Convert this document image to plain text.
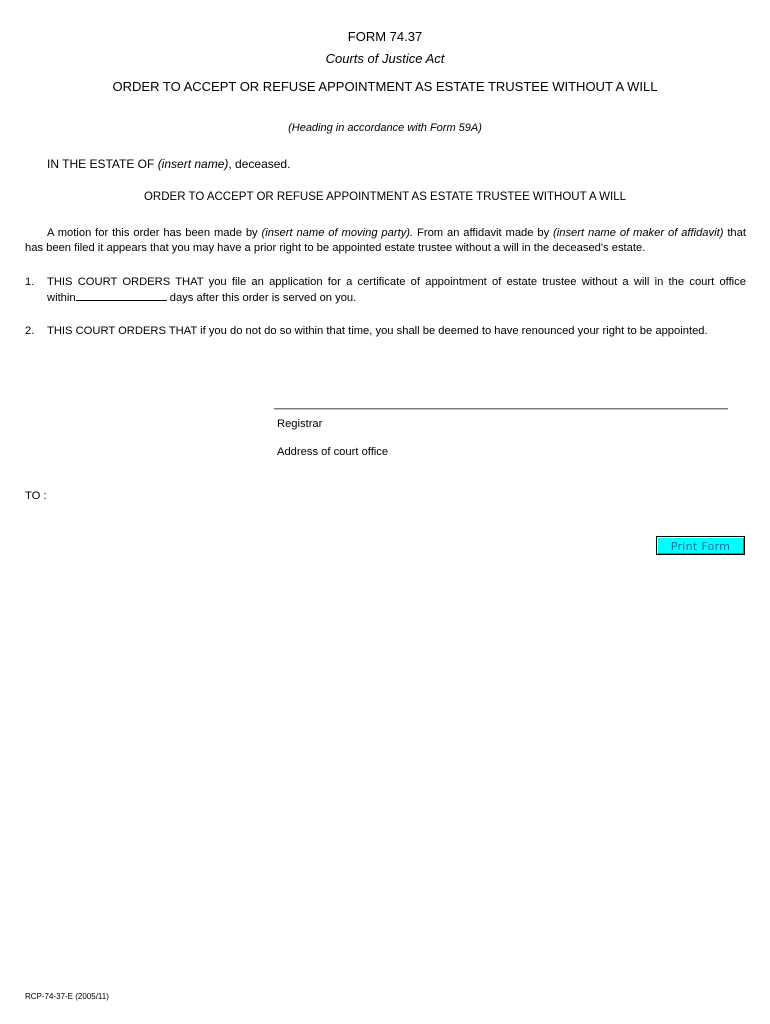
FORM 74.37
Courts of Justice Act
ORDER TO ACCEPT OR REFUSE APPOINTMENT AS ESTATE TRUSTEE WITHOUT A WILL
(Heading in accordance with Form 59A)
IN THE ESTATE OF (insert name), deceased.
ORDER TO ACCEPT OR REFUSE APPOINTMENT AS ESTATE TRUSTEE WITHOUT A WILL
A motion for this order has been made by (insert name of moving party). From an affidavit made by (insert name of maker of affidavit) that has been filed it appears that you may have a prior right to be appointed estate trustee without a will in the deceased's estate.
1. THIS COURT ORDERS THAT you file an application for a certificate of appointment of estate trustee without a will in the court office
within	days after this order is served on you.
2. THIS COURT ORDERS THAT if you do not do so within that time, you shall be deemed to have renounced your right to be appointed.
Registrar
Address of court office
TO :
Print Form
RCP-74-37-E (2005/11)
